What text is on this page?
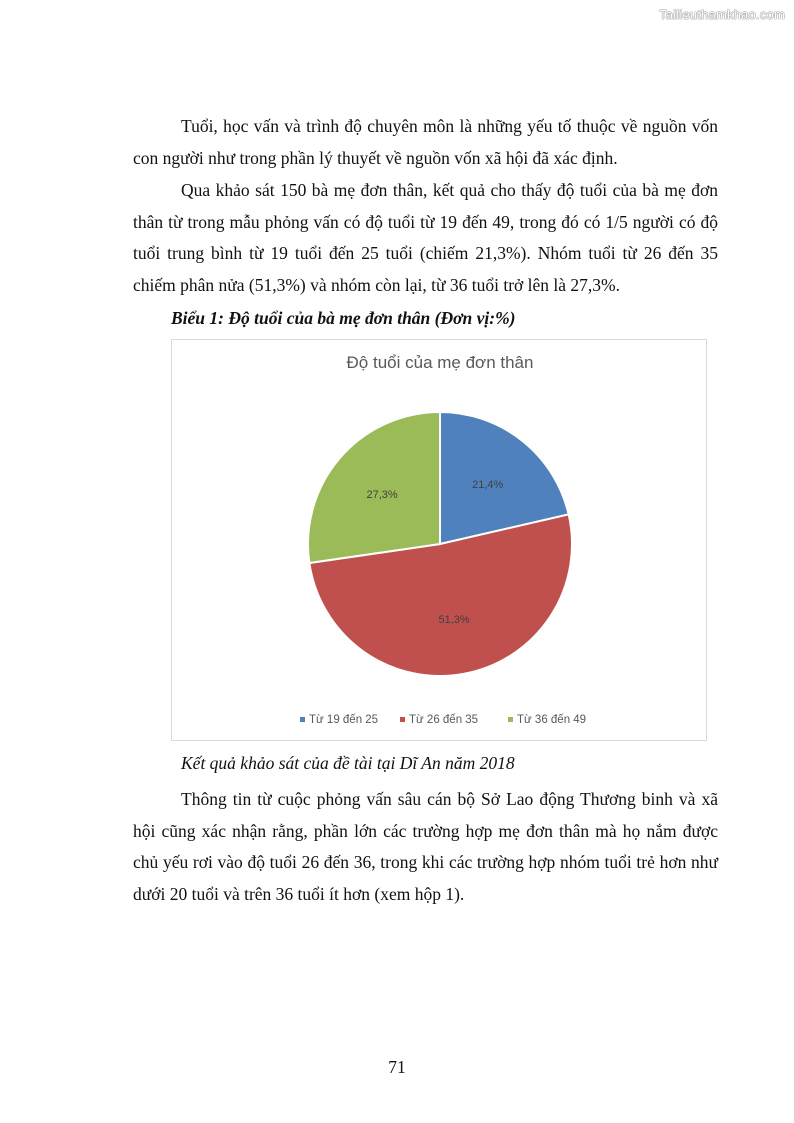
Tailieuthamkhao.com

Tuổi, học vấn và trình độ chuyên môn là những yếu tố thuộc về nguồn vốn con người như trong phần lý thuyết về nguồn vốn xã hội đã xác định.

Qua khảo sát 150 bà mẹ đơn thân, kết quả cho thấy độ tuổi của bà mẹ đơn thân từ trong mẫu phỏng vấn có độ tuổi từ 19 đến 49, trong đó có 1/5 người có độ tuổi trung bình từ 19 tuổi đến 25 tuổi (chiếm 21,3%). Nhóm tuổi từ 26 đến 35 chiếm phân nửa (51,3%) và nhóm còn lại, từ 36 tuổi trở lên là 27,3%.

Biểu 1: Độ tuổi của bà mẹ đơn thân (Đơn vị:%)

Độ tuổi của mẹ đơn thân
21,4%
51,3%
27,3%
Từ 19 đến 25	Từ 26 đến 35	Từ 36 đến 49

Kết quả khảo sát của đề tài tại Dĩ An năm 2018

Thông tin từ cuộc phỏng vấn sâu cán bộ Sở Lao động Thương binh và xã hội cũng xác nhận rằng, phần lớn các trường hợp mẹ đơn thân mà họ nắm được chủ yếu rơi vào độ tuổi 26 đến 36, trong khi các trường hợp nhóm tuổi trẻ hơn như dưới 20 tuổi và trên 36 tuổi ít hơn (xem hộp 1).

71
